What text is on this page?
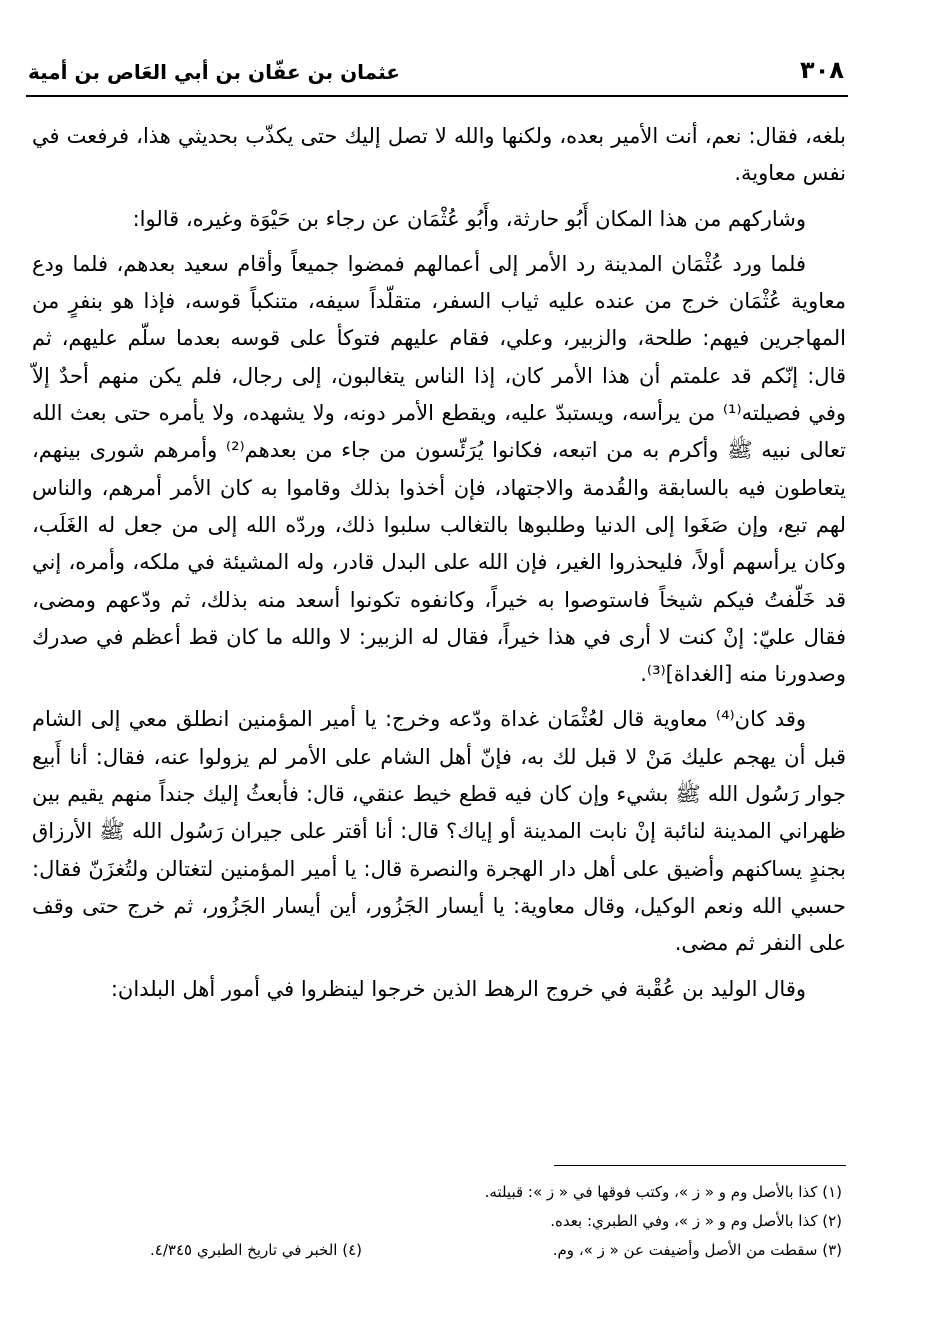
٣٠٨
عثمان بن عفّان بن أبي العَاص بن أمية

بلغه، فقال: نعم، أنت الأمير بعده، ولكنها والله لا تصل إليك حتى يكذّب بحديثي هذا، فرفعت في نفس معاوية.

وشاركهم من هذا المكان أَبُو حارثة، وأَبُو عُثْمَان عن رجاء بن حَيْوَة وغيره، قالوا:

فلما ورد عُثْمَان المدينة رد الأمر إلى أعمالهم فمضوا جميعاً وأقام سعيد بعدهم، فلما ودع معاوية عُثْمَان خرج من عنده عليه ثياب السفر، متقلّداً سيفه، متنكباً قوسه، فإذا هو بنفرٍ من المهاجرين فيهم: طلحة، والزبير، وعلي، فقام عليهم فتوكأ على قوسه بعدما سلّم عليهم، ثم قال: إنّكم قد علمتم أن هذا الأمر كان، إذا الناس يتغالبون، إلى رجال، فلم يكن منهم أحدٌ إلاّ وفي فصيلته⁽¹⁾ من يرأسه، ويستبدّ عليه، ويقطع الأمر دونه، ولا يشهده، ولا يأمره حتى بعث الله تعالى نبيه ﷺ وأكرم به من اتبعه، فكانوا يُرَئّسون من جاء من بعدهم⁽²⁾ وأمرهم شورى بينهم، يتعاطون فيه بالسابقة والقُدمة والاجتهاد، فإن أخذوا بذلك وقاموا به كان الأمر أمرهم، والناس لهم تبع، وإن صَغَوا إلى الدنيا وطلبوها بالتغالب سلبوا ذلك، وردّه الله إلى من جعل له الغَلَب، وكان يرأسهم أولاً، فليحذروا الغير، فإن الله على البدل قادر، وله المشيئة في ملكه، وأمره، إني قد خَلّفتُ فيكم شيخاً فاستوصوا به خيراً، وكانفوه تكونوا أسعد منه بذلك، ثم ودّعهم ومضى، فقال عليّ: إنْ كنت لا أرى في هذا خيراً، فقال له الزبير: لا والله ما كان قط أعظم في صدرك وصدورنا منه [الغداة]⁽³⁾.

وقد كان⁽⁴⁾ معاوية قال لعُثْمَان غداة ودّعه وخرج: يا أمير المؤمنين انطلق معي إلى الشام قبل أن يهجم عليك مَنْ لا قبل لك به، فإنّ أهل الشام على الأمر لم يزولوا عنه، فقال: أنا أَبيع جوار رَسُول الله ﷺ بشيء وإن كان فيه قطع خيط عنقي، قال: فأبعثُ إليك جنداً منهم يقيم بين ظهراني المدينة لنائبة إنْ نابت المدينة أو إياك؟ قال: أنا أقتر على جيران رَسُول الله ﷺ الأرزاق بجندٍ يساكنهم وأضيق على أهل دار الهجرة والنصرة قال: يا أمير المؤمنين لتغتالن ولتُغزَنّ فقال: حسبي الله ونعم الوكيل، وقال معاوية: يا أيسار الجَزُور، أين أيسار الجَزُور، ثم خرج حتى وقف على النفر ثم مضى.

وقال الوليد بن عُقْبة في خروج الرهط الذين خرجوا لينظروا في أمور أهل البلدان:

(١) كذا بالأصل وم و « ز »، وكتب فوقها في « ز »: قبيلته.
(٢) كذا بالأصل وم و « ز »، وفي الطبري: بعده.
(٣) سقطت من الأصل وأضيفت عن « ز »، وم.
(٤) الخبر في تاريخ الطبري ٤/٣٤٥.
